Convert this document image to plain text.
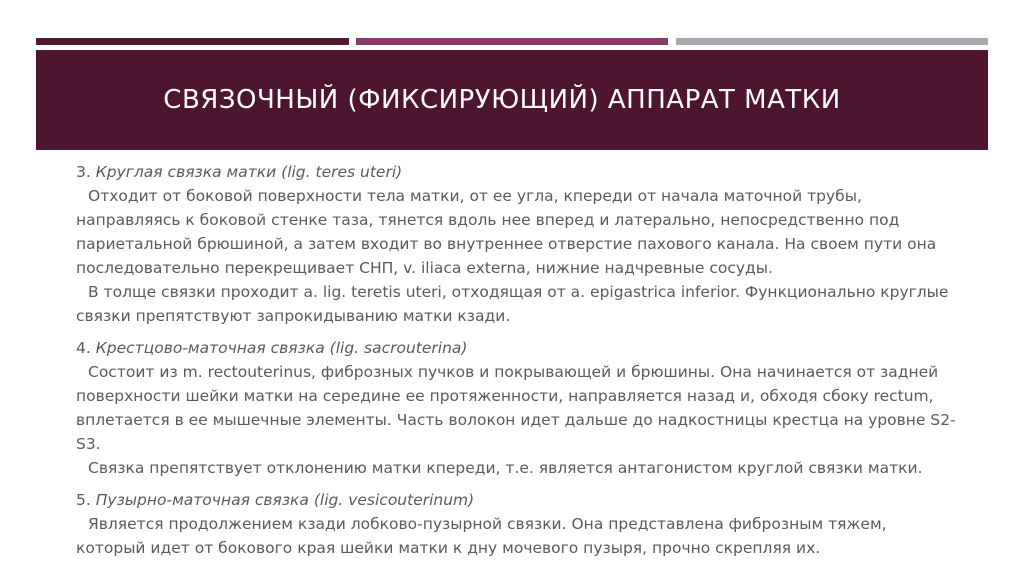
СВЯЗОЧНЫЙ (ФИКСИРУЮЩИЙ) АППАРАТ МАТКИ
3. Круглая связка матки (lig. teres uteri)
Отходит от боковой поверхности тела матки, от ее угла, кпереди от начала маточной трубы, направляясь к боковой стенке таза, тянется вдоль нее вперед и латерально, непосредственно под париетальной брюшиной, а затем входит во внутреннее отверстие пахового канала. На своем пути она последовательно перекрещивает СНП, v. iliaca externa, нижние надчревные сосуды.
В толще связки проходит a. lig. teretis uteri, отходящая от a. epigastrica inferior. Функционально круглые связки препятствуют запрокидыванию матки кзади.
4. Крестцово-маточная связка (lig. sacrouterina)
Состоит из m. rectouterinus, фиброзных пучков и покрывающей и брюшины. Она начинается от задней поверхности шейки матки на середине ее протяженности, направляется назад и, обходя сбоку rectum, вплетается в ее мышечные элементы. Часть волокон идет дальше до надкостницы крестца на уровне S2-S3.
Связка препятствует отклонению матки кпереди, т.е. является антагонистом круглой связки матки.
5. Пузырно-маточная связка (lig. vesicouterinum)
Является продолжением кзади лобково-пузырной связки. Она представлена фиброзным тяжем, который идет от бокового края шейки матки к дну мочевого пузыря, прочно скрепляя их.
